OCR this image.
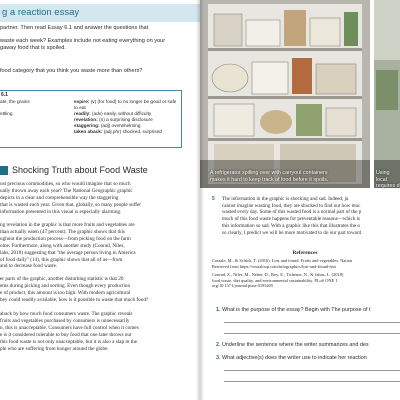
g a reaction essay
partner. Then read Essay 6.1 and answer the questions that
waste each week? Examples include not eating everything on your
gaway food that is spoiled.
food category that you think you waste more than others?
6.1
ate, the grains
ettling
expire: (v) (for food) to no longer be good or safe to eat
readily: (adv) easily, without difficulty
revelation: (n) a surprising disclosure
staggering: (adj) overwhelming
taken aback: (adj phr) shocked, surprised
Shocking Truth about Food Waste
ost precious commodities, so who would imagine that so much
ually thrown away each year? The National Geographic graphic
depicts in a clear and comprehensible way the staggering
that is wasted each year. Given that, globally, so many people suffer
information presented in this visual is especially alarming.
ng revelation in the graphic is that more fruits and vegetables are
than actually eaten (47 percent). The graphic shows that this
ughout the production process—from picking food on the farm
ome. Furthermore, along with another study (Conrad, Niles,
lahs, 2018) suggesting that "the average person living in America
of food daily" (14), this graphic shows that all of us—from
and to decrease food waste.
er parts of the graphic, another disturbing statistic is that 20
ems during picking and sorting. Even though every production
e of product, this amount is too high. With modern agricultural
hey could readily available, how is it possible to waste that much food?
aback by how much food consumers waste. The graphic reveals
fruits and vegetables purchased by consumers is unnecessarily
n, this is unacceptable. Consumers have full control when it comes
e is it considered tolerable to buy food that one later throws out
this food waste is not only unacceptable, but it is also a slap in the
ple who are suffering from hunger around the globe.
A refrigerator spilling over with carryout containers
makes it hard to keep track of food before it spoils.
Using local
requires d
5 The information in the graphic is shocking and sad. Indeed, ju
cannot imagine wasting food, they are shocked to find out how muc
wasted every day. Some of this wasted food is a normal part of the p
much of this food waste happens for preventable reasons—which is
this information so sad. With a graphic like this that illustrates the o
so clearly, I predict we will be more motivated to do our part toward
References
Cassale, M., & Schick, T. (2016). Lost and found: Fruits and vegetables. Nation
Retrieved from https://visualoop.com/infographics/lost-and-found-frui
Conrad, Z., Niles, M., Neher, D., Roy, E., Tichenor, N., & Jahns, L. (2018)
food waste, diet quality, and environmental sustainability. PLoS ONE 1
org/10.1371/journal.pone.0195405
1. What is the purpose of the essay? Begin with The purpose of t
2. Underline the sentence where the writer summarizes and des
3. What adjective(s) does the writer use to indicate her reaction
